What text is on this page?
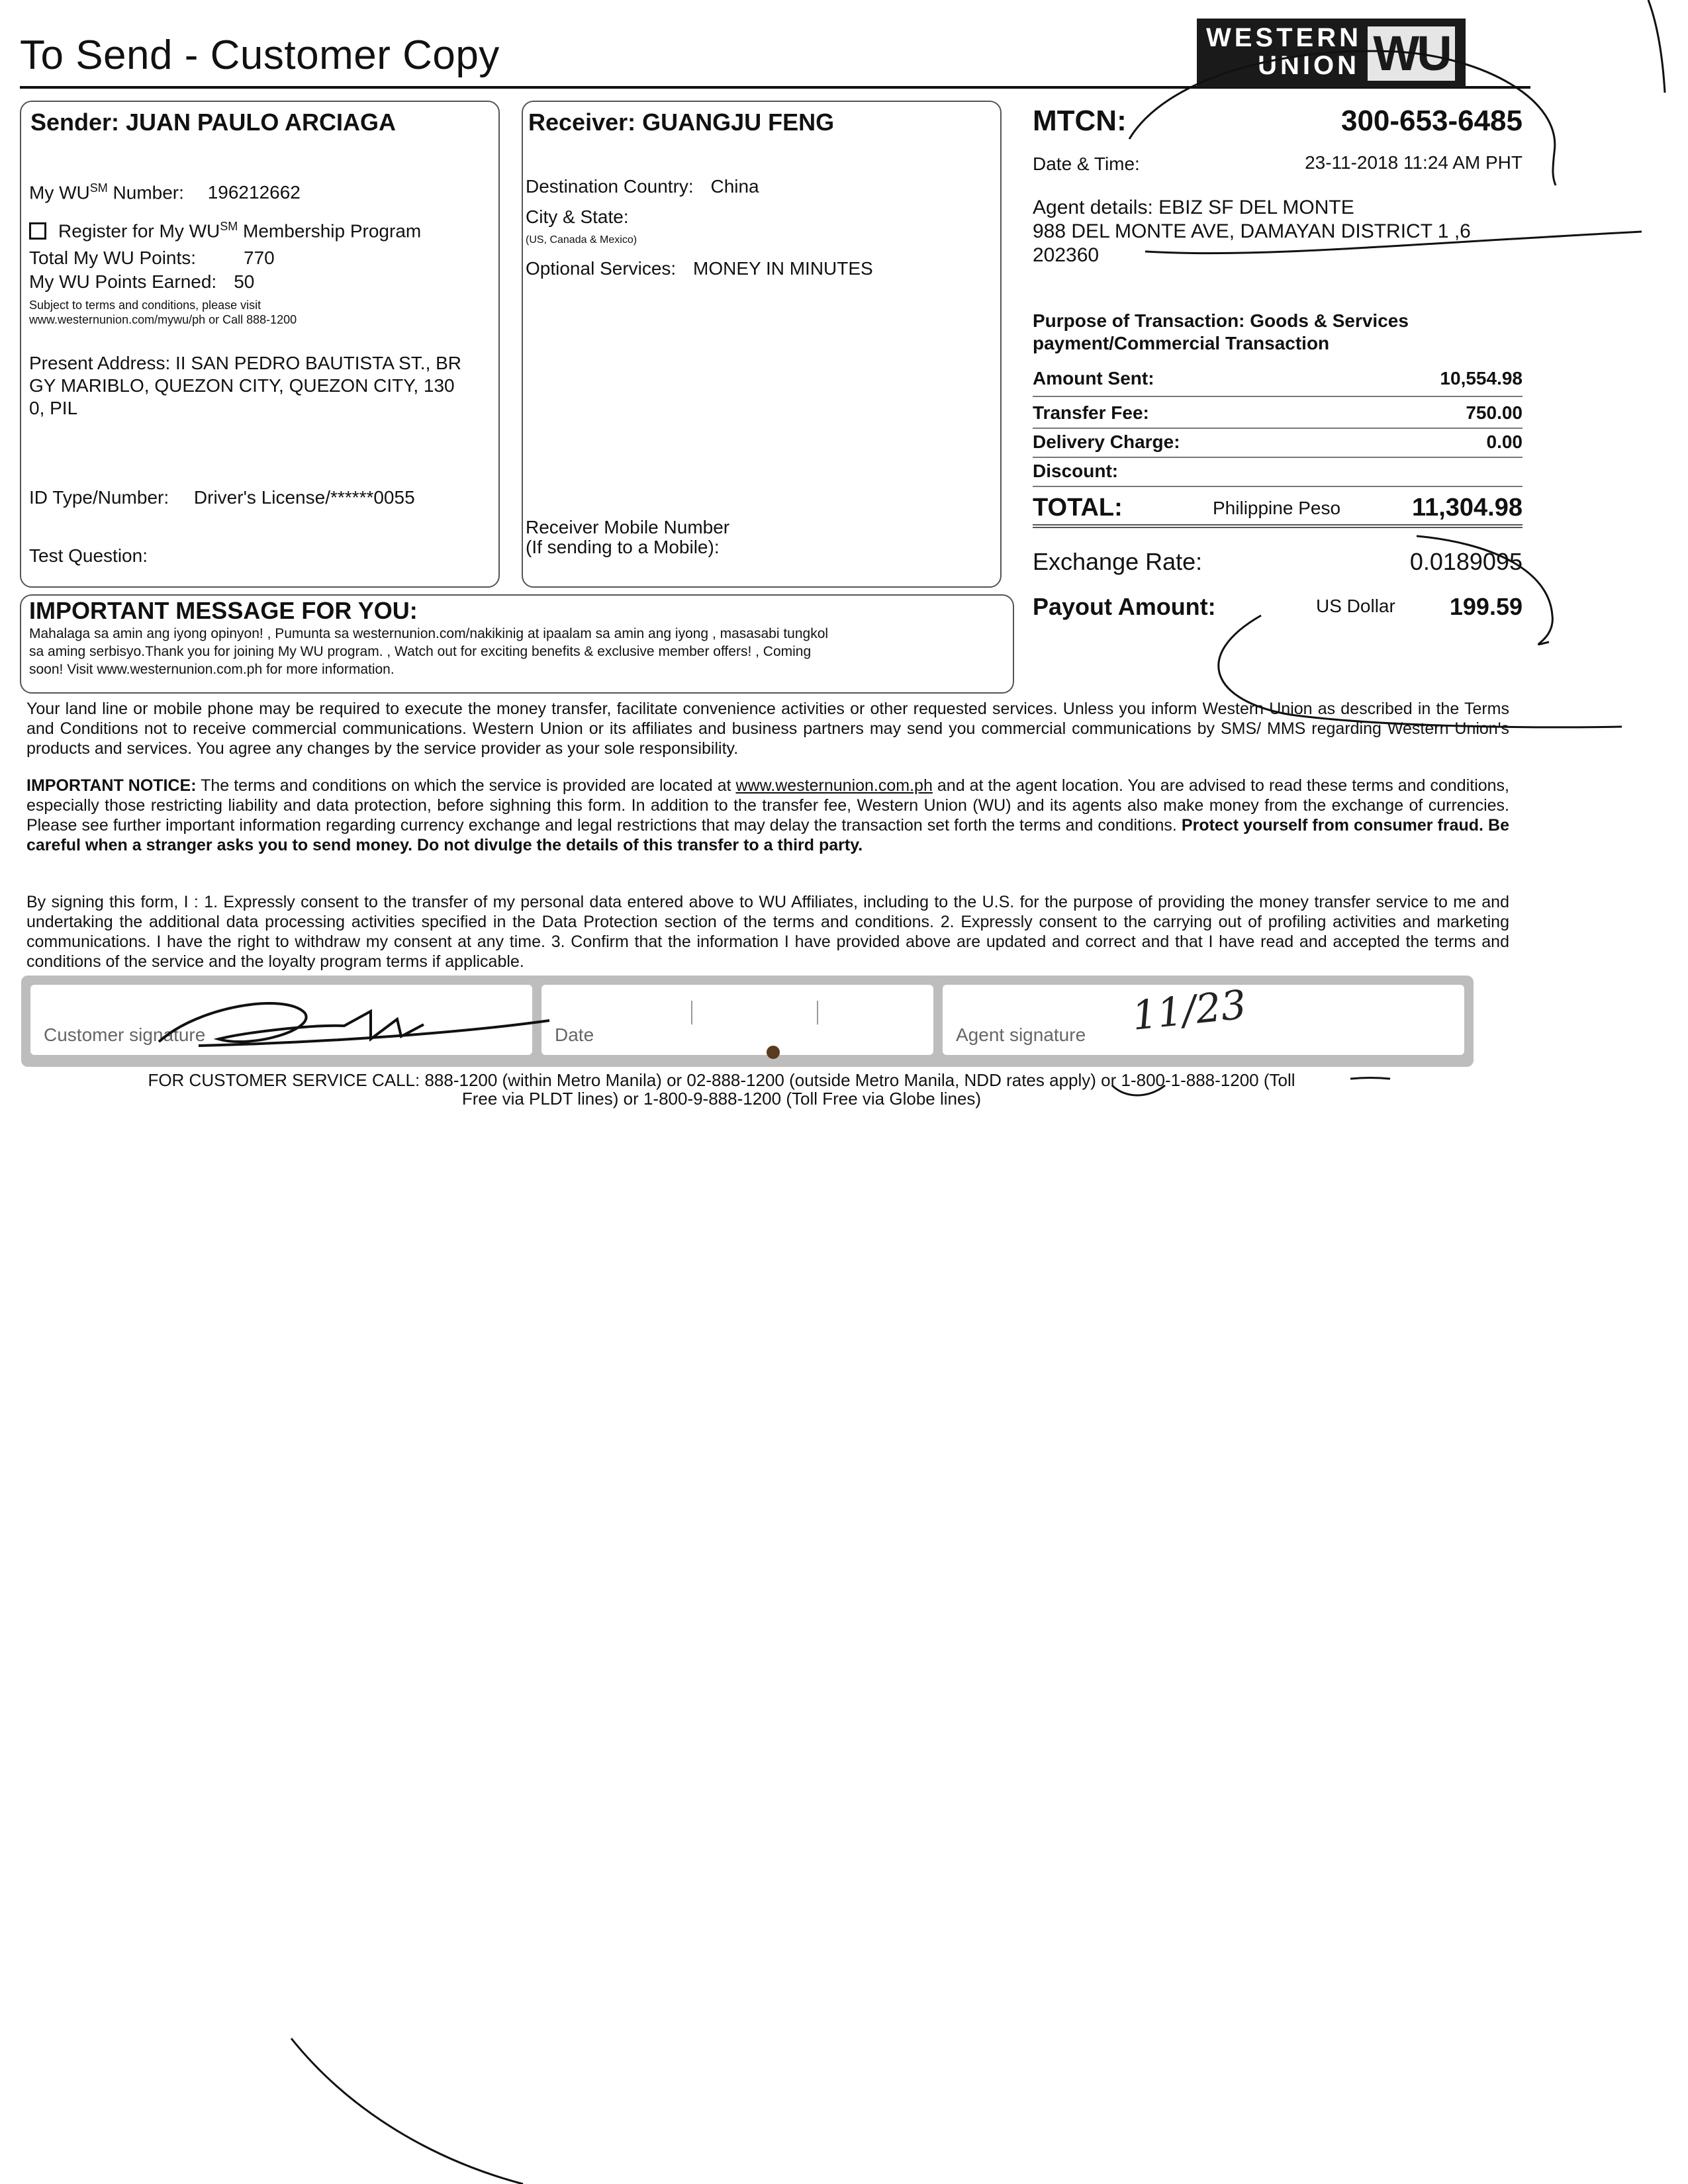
To Send - Customer Copy	WESTERN
UNION WU
Sender: JUAN PAULO ARCIAGA
My WU℠ Number: 196212662
Register for My WU℠ Membership Program
Total My WU Points:	770
My WU Points Earned: 50
Subject to terms and conditions, please visit
www.westernunion.com/mywu/ph or Call 888-1200
Present Address: II SAN PEDRO BAUTISTA ST., BR
GY MARIBLO, QUEZON CITY, QUEZON CITY, 130
0, PIL
ID Type/Number: Driver's License/******0055
Test Question:
Receiver: GUANGJU FENG
Destination Country: China
City & State:
(US, Canada & Mexico)
Optional Services: MONEY IN MINUTES
Receiver Mobile Number
(If sending to a Mobile):
MTCN:	300-653-6485
Date & Time:	23-11-2018 11:24 AM PHT
Agent details: EBIZ SF DEL MONTE
988 DEL MONTE AVE, DAMAYAN DISTRICT 1 ,6
202360
Purpose of Transaction: Goods & Services
payment/Commercial Transaction
Amount Sent:	10,554.98
Transfer Fee:	750.00
Delivery Charge:	0.00
Discount:
TOTAL:	Philippine Peso	11,304.98
Exchange Rate:	0.0189095
Payout Amount:	US Dollar 199.59
IMPORTANT MESSAGE FOR YOU:
Mahalaga sa amin ang iyong opinyon! , Pumunta sa westernunion.com/nakikinig at ipaalam sa amin ang iyong , masasabi tungkol
sa aming serbisyo.Thank you for joining My WU program. , Watch out for exciting benefits & exclusive member offers! , Coming
soon! Visit www.westernunion.com.ph for more information.
Your land line or mobile phone may be required to execute the money transfer, facilitate convenience activities or other requested services. Unless you inform Western Union as described in the Terms and Conditions not to receive commercial communications. Western Union or its affiliates and business partners may send you commercial communications by SMS/ MMS regarding Western Union's products and services. You agree any changes by the service provider as your sole responsibility.
IMPORTANT NOTICE: The terms and conditions on which the service is provided are located at www.westernunion.com.ph and at the agent location. You are advised to read these terms and conditions, especially those restricting liability and data protection, before sighning this form. In addition to the transfer fee, Western Union (WU) and its agents also make money from the exchange of currencies. Please see further important information regarding currency exchange and legal restrictions that may delay the transaction set forth the terms and conditions. Protect yourself from consumer fraud. Be careful when a stranger asks you to send money. Do not divulge the details of this transfer to a third party.
By signing this form, I : 1. Expressly consent to the transfer of my personal data entered above to WU Affiliates, including to the U.S. for the purpose of providing the money transfer service to me and undertaking the additional data processing activities specified in the Data Protection section of the terms and conditions. 2. Expressly consent to the carrying out of profiling activities and marketing communications. I have the right to withdraw my consent at any time. 3. Confirm that the information I have provided above are updated and correct and that I have read and accepted the terms and conditions of the service and the loyalty program terms if applicable.
Customer signature	Date	Agent signature 11/23
FOR CUSTOMER SERVICE CALL: 888-1200 (within Metro Manila) or 02-888-1200 (outside Metro Manila, NDD rates apply) or 1-800-1-888-1200 (Toll
Free via PLDT lines) or 1-800-9-888-1200 (Toll Free via Globe lines)
